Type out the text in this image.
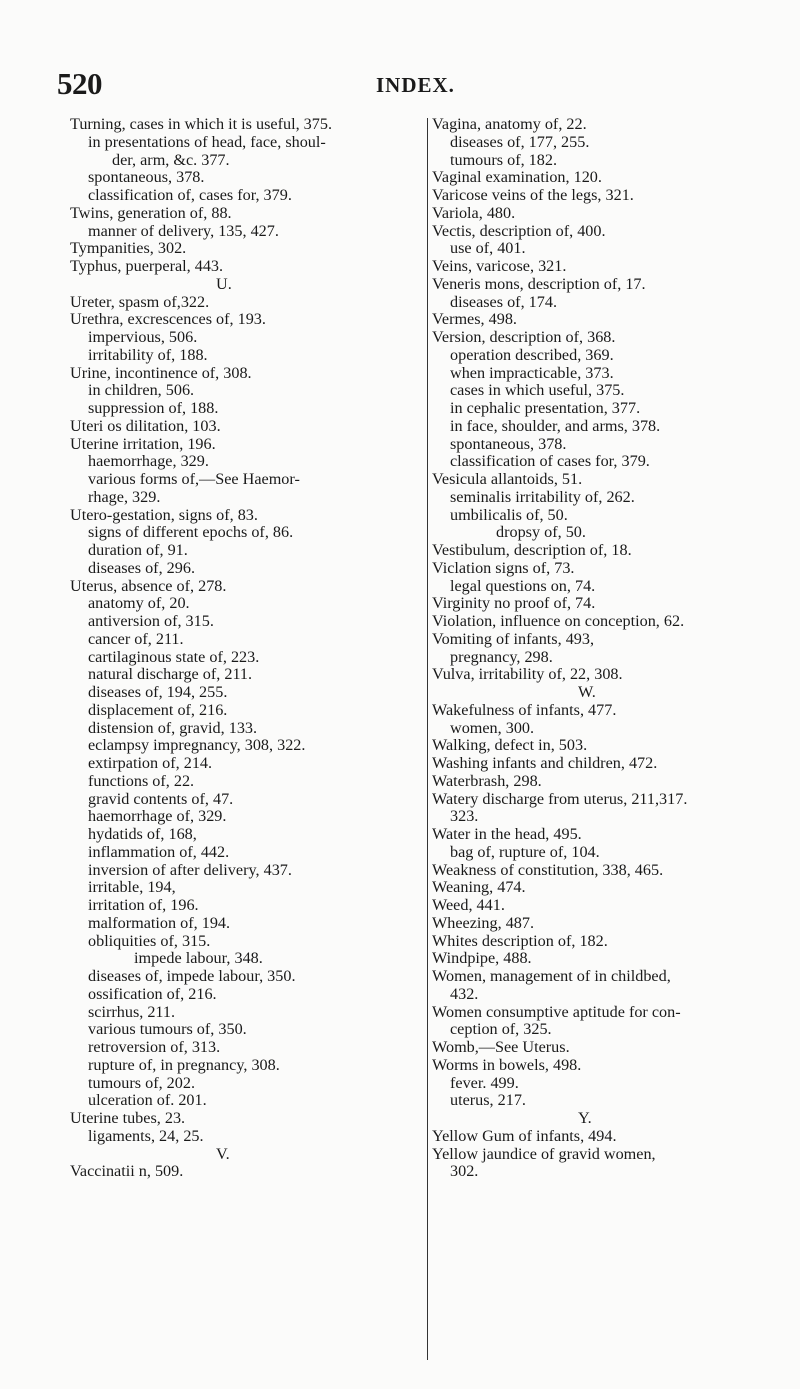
520	INDEX.
Turning, cases in which it is useful, 375.
in presentations of head, face, shoul-
der, arm, &c. 377.
spontaneous, 378.
classification of, cases for, 379.
Twins, generation of, 88.
manner of delivery, 135, 427.
Tympanities, 302.
Typhus, puerperal, 443.
U.
Ureter, spasm of,322.
Urethra, excrescences of, 193.
impervious, 506.
irritability of, 188.
Urine, incontinence of, 308.
in children, 506.
suppression of, 188.
Uteri os dilitation, 103.
Uterine irritation, 196.
haemorrhage, 329.
various forms of,—See Haemor-
rhage, 329.
Utero-gestation, signs of, 83.
signs of different epochs of, 86.
duration of, 91.
diseases of, 296.
Uterus, absence of, 278.
anatomy of, 20.
antiversion of, 315.
cancer of, 211.
cartilaginous state of, 223.
natural discharge of, 211.
diseases of, 194, 255.
displacement of, 216.
distension of, gravid, 133.
eclampsy impregnancy, 308, 322.
extirpation of, 214.
functions of, 22.
gravid contents of, 47.
haemorrhage of, 329.
hydatids of, 168,
inflammation of, 442.
inversion of after delivery, 437.
irritable, 194,
irritation of, 196.
malformation of, 194.
obliquities of, 315.
impede labour, 348.
diseases of, impede labour, 350.
ossification of, 216.
scirrhus, 211.
various tumours of, 350.
retroversion of, 313.
rupture of, in pregnancy, 308.
tumours of, 202.
ulceration of. 201.
Uterine tubes, 23.
ligaments, 24, 25.
V.
Vaccinatii n, 509.
Vagina, anatomy of, 22.
diseases of, 177, 255.
tumours of, 182.
Vaginal examination, 120.
Varicose veins of the legs, 321.
Variola, 480.
Vectis, description of, 400.
use of, 401.
Veins, varicose, 321.
Veneris mons, description of, 17.
diseases of, 174.
Vermes, 498.
Version, description of, 368.
operation described, 369.
when impracticable, 373.
cases in which useful, 375.
in cephalic presentation, 377.
in face, shoulder, and arms, 378.
spontaneous, 378.
classification of cases for, 379.
Vesicula allantoids, 51.
seminalis irritability of, 262.
umbilicalis of, 50.
dropsy of, 50.
Vestibulum, description of, 18.
Viclation signs of, 73.
legal questions on, 74.
Virginity no proof of, 74.
Violation, influence on conception, 62.
Vomiting of infants, 493,
pregnancy, 298.
Vulva, irritability of, 22, 308.
W.
Wakefulness of infants, 477.
women, 300.
Walking, defect in, 503.
Washing infants and children, 472.
Waterbrash, 298.
Watery discharge from uterus, 211,317.
323.
Water in the head, 495.
bag of, rupture of, 104.
Weakness of constitution, 338, 465.
Weaning, 474.
Weed, 441.
Wheezing, 487.
Whites description of, 182.
Windpipe, 488.
Women, management of in childbed,
432.
Women consumptive aptitude for con-
ception of, 325.
Womb,—See Uterus.
Worms in bowels, 498.
fever. 499.
uterus, 217.
Y.
Yellow Gum of infants, 494.
Yellow jaundice of gravid women,
302.
